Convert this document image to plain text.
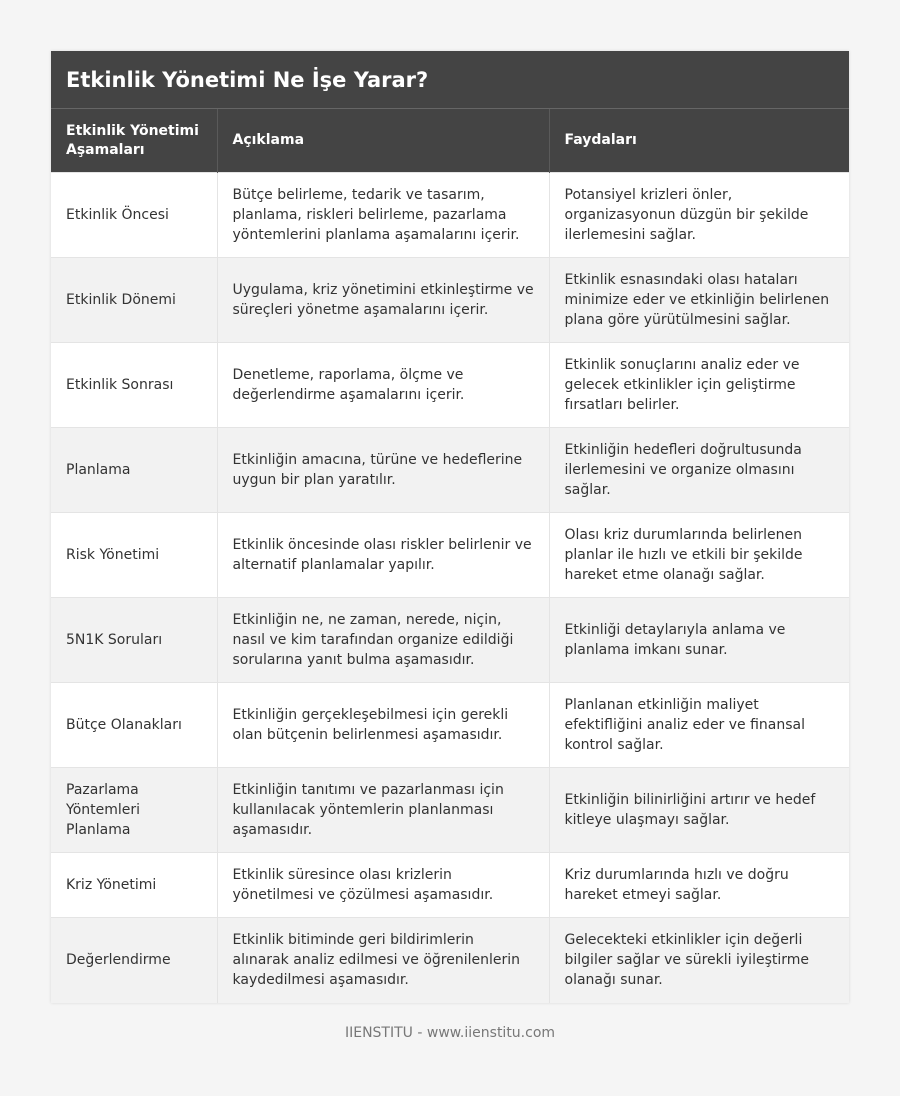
Etkinlik Yönetimi Ne İşe Yarar?
Etkinlik Yönetimi Aşamaları	Açıklama	Faydaları
Etkinlik Öncesi	Bütçe belirleme, tedarik ve tasarım, planlama, riskleri belirleme, pazarlama yöntemlerini planlama aşamalarını içerir.	Potansiyel krizleri önler, organizasyonun düzgün bir şekilde ilerlemesini sağlar.
Etkinlik Dönemi	Uygulama, kriz yönetimini etkinleştirme ve süreçleri yönetme aşamalarını içerir.	Etkinlik esnasındaki olası hataları minimize eder ve etkinliğin belirlenen plana göre yürütülmesini sağlar.
Etkinlik Sonrası	Denetleme, raporlama, ölçme ve değerlendirme aşamalarını içerir.	Etkinlik sonuçlarını analiz eder ve gelecek etkinlikler için geliştirme fırsatları belirler.
Planlama	Etkinliğin amacına, türüne ve hedeflerine uygun bir plan yaratılır.	Etkinliğin hedefleri doğrultusunda ilerlemesini ve organize olmasını sağlar.
Risk Yönetimi	Etkinlik öncesinde olası riskler belirlenir ve alternatif planlamalar yapılır.	Olası kriz durumlarında belirlenen planlar ile hızlı ve etkili bir şekilde hareket etme olanağı sağlar.
5N1K Soruları	Etkinliğin ne, ne zaman, nerede, niçin, nasıl ve kim tarafından organize edildiği sorularına yanıt bulma aşamasıdır.	Etkinliği detaylarıyla anlama ve planlama imkanı sunar.
Bütçe Olanakları	Etkinliğin gerçekleşebilmesi için gerekli olan bütçenin belirlenmesi aşamasıdır.	Planlanan etkinliğin maliyet efektifliğini analiz eder ve finansal kontrol sağlar.
Pazarlama Yöntemleri Planlama	Etkinliğin tanıtımı ve pazarlanması için kullanılacak yöntemlerin planlanması aşamasıdır.	Etkinliğin bilinirliğini artırır ve hedef kitleye ulaşmayı sağlar.
Kriz Yönetimi	Etkinlik süresince olası krizlerin yönetilmesi ve çözülmesi aşamasıdır.	Kriz durumlarında hızlı ve doğru hareket etmeyi sağlar.
Değerlendirme	Etkinlik bitiminde geri bildirimlerin alınarak analiz edilmesi ve öğrenilenlerin kaydedilmesi aşamasıdır.	Gelecekteki etkinlikler için değerli bilgiler sağlar ve sürekli iyileştirme olanağı sunar.
IIENSTITU - www.iienstitu.com
